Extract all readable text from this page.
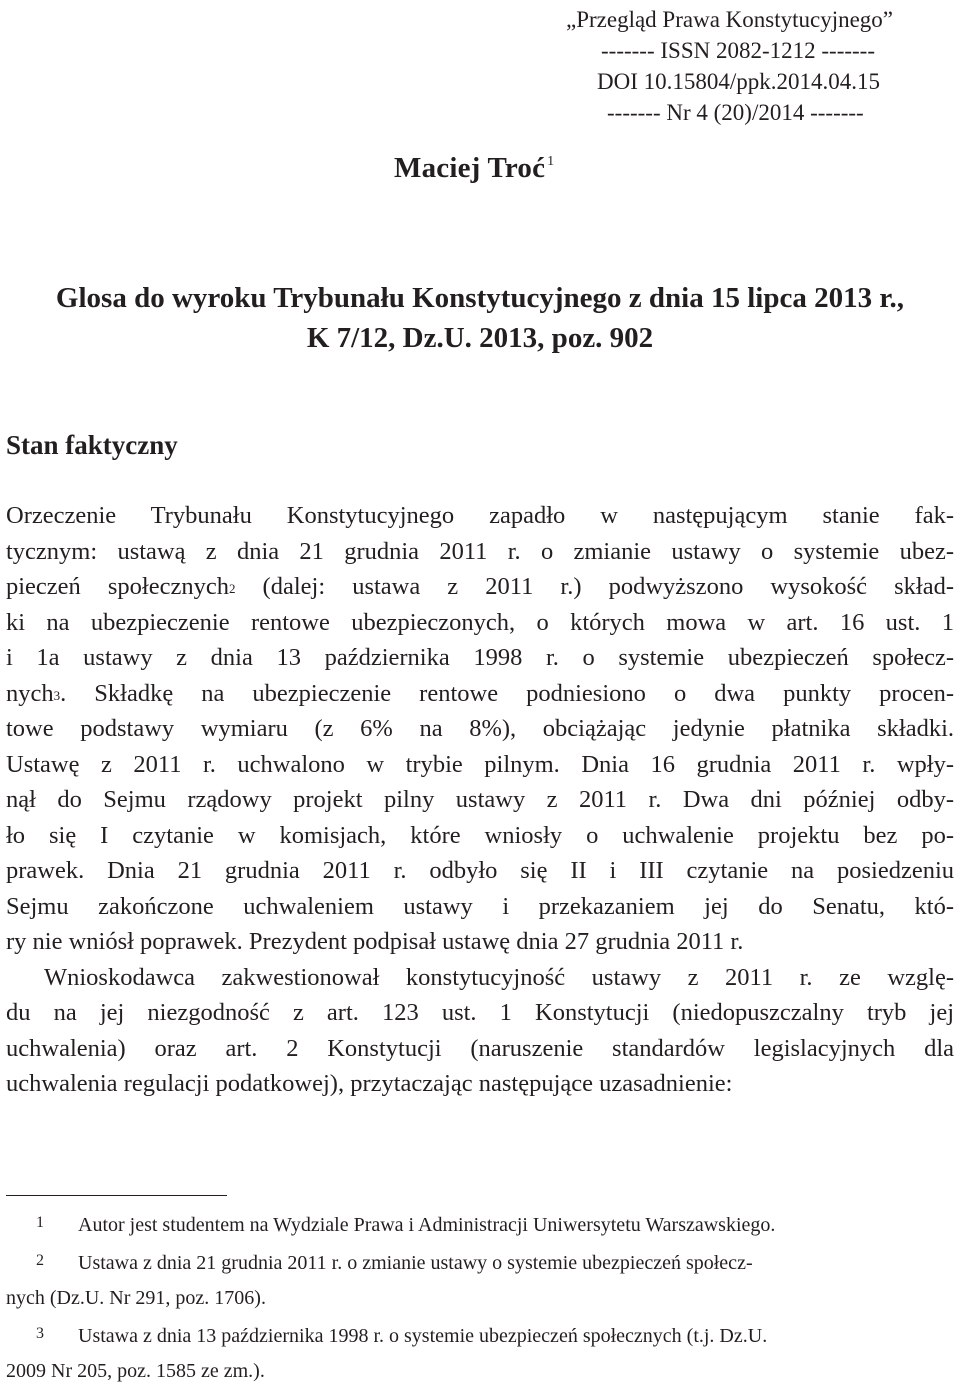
„Przegląd Prawa Konstytucyjnego”
------- ISSN 2082-1212 -------
DOI 10.15804/ppk.2014.04.15
------- Nr 4 (20)/2014 -------
Maciej Troć $^1$
Glosa do wyroku Trybunału Konstytucyjnego z dnia 15 lipca 2013 r.,
K 7/12, Dz.U. 2013, poz. 902
Stan faktyczny
Orzeczenie Trybunału Konstytucyjnego zapadło w następującym stanie fak-
tycznym: ustawą z dnia 21 grudnia 2011 r. o zmianie ustawy o systemie ubez-
pieczeń społecznych$^2$ (dalej: ustawa z 2011 r.) podwyższono wysokość skład-
ki na ubezpieczenie rentowe ubezpieczonych, o których mowa w art. 16 ust. 1
i 1a ustawy z dnia 13 października 1998 r. o systemie ubezpieczeń społecz-
nych$^3$. Składkę na ubezpieczenie rentowe podniesiono o dwa punkty procen-
towe podstawy wymiaru (z 6% na 8%), obciążając jedynie płatnika składki.
Ustawę z 2011 r. uchwalono w trybie pilnym. Dnia 16 grudnia 2011 r. wpły-
nął do Sejmu rządowy projekt pilny ustawy z 2011 r. Dwa dni później odby-
ło się I czytanie w komisjach, które wniosły o uchwalenie projektu bez po-
prawek. Dnia 21 grudnia 2011 r. odbyło się II i III czytanie na posiedzeniu
Sejmu zakończone uchwaleniem ustawy i przekazaniem jej do Senatu, któ-
ry nie wniósł poprawek. Prezydent podpisał ustawę dnia 27 grudnia 2011 r.
Wnioskodawca zakwestionował konstytucyjność ustawy z 2011 r. ze wzglę-
du na jej niezgodność z art. 123 ust. 1 Konstytucji (niedopuszczalny tryb jej
uchwalenia) oraz art. 2 Konstytucji (naruszenie standardów legislacyjnych dla
uchwalenia regulacji podatkowej), przytaczając następujące uzasadnienie:
1 Autor jest studentem na Wydziale Prawa i Administracji Uniwersytetu Warszawskiego.
2 Ustawa z dnia 21 grudnia 2011 r. o zmianie ustawy o systemie ubezpieczeń społecz-
nych (Dz.U. Nr 291, poz. 1706).
3 Ustawa z dnia 13 października 1998 r. o systemie ubezpieczeń społecznych (t.j. Dz.U.
2009 Nr 205, poz. 1585 ze zm.).
